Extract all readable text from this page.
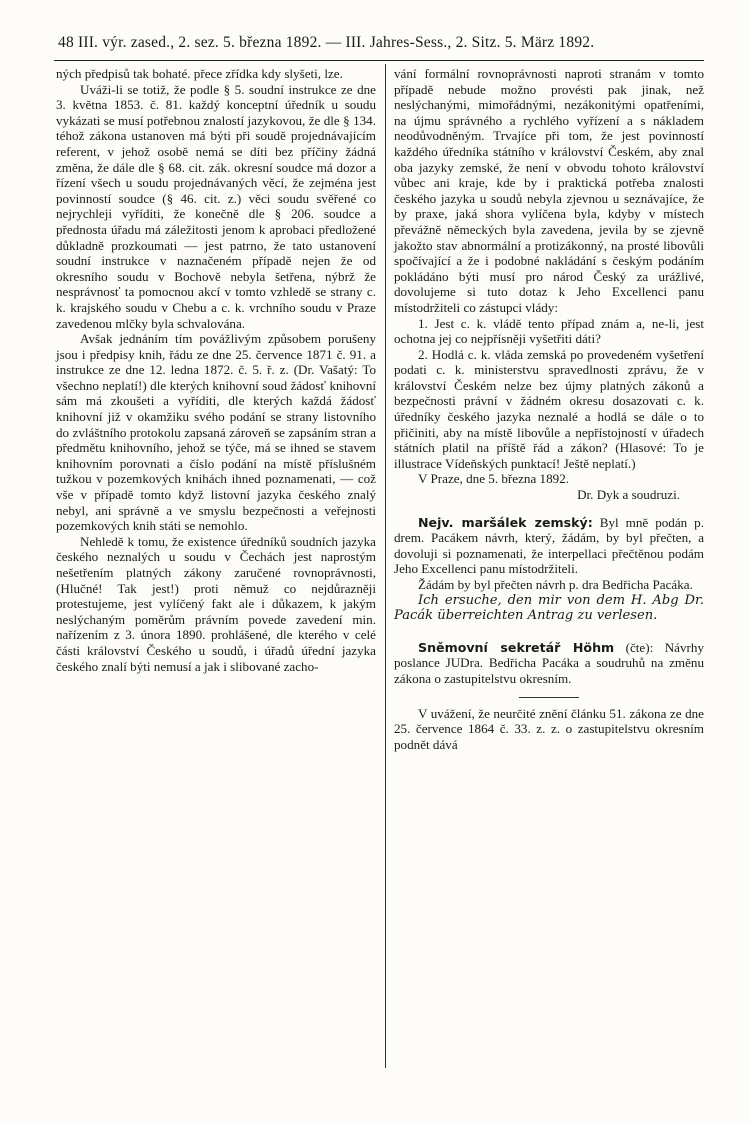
48 III. výr. zased., 2. sez. 5. března 1892. — III. Jahres-Sess., 2. Sitz. 5. März 1892.

ných předpisů tak bohaté. přece zřídka kdy slyšeti, lze.

Uváži-li se totiž, že podle § 5. soudní instrukce ze dne 3. května 1853. č. 81. každý konceptní úředník u soudu vykázati se musí potřebnou znalostí jazykovou, že dle § 134. téhož zákona ustanoven má býti při soudě projednávajícím referent, v jehož osobě nemá se díti bez příčiny žádná změna, že dále dle § 68. cit. zák. okresní soudce má dozor a řízení všech u soudu projednávaných věcí, že zejména jest povinností soudce (§ 46. cit. z.) věci soudu svěřené co nejrychleji vyříditi, že konečně dle § 206. soudce a přednosta úřadu má záležitosti jenom k aprobaci předložené důkladně prozkoumati — jest patrno, že tato ustanovení soudní instrukce v naznačeném případě nejen že od okresního soudu v Bochově nebyla šetřena, nýbrž že nesprávnosť ta pomocnou akcí v tomto vzhledě se strany c. k. krajského soudu v Chebu a c. k. vrchního soudu v Praze zavedenou mlčky byla schvalována.

Avšak jednáním tím povážlivým způsobem porušeny jsou i předpisy knih, řádu ze dne 25. července 1871 č. 91. a instrukce ze dne 12. ledna 1872. č. 5. ř. z. (Dr. Vašatý: To všechno neplatí!) dle kterých knihovní soud žádosť knihovní sám má zkoušeti a vyříditi, dle kterých každá žádosť knihovní již v okamžiku svého podání se strany listovního do zvláštního protokolu zapsaná zároveň se zapsáním stran a předmětu knihovního, jehož se týče, má se ihned se stavem knihovním porovnati a číslo podání na místě příslušném tužkou v pozemkových knihách ihned poznamenati, — což vše v případě tomto když listovní jazyka českého znalý nebyl, ani správně a ve smyslu bezpečnosti a veřejnosti pozemkových knih státi se nemohlo.

Nehledě k tomu, že existence úředníků soudních jazyka českého neznalých u soudu v Čechách jest naprostým nešetřením platných zákony zaručené rovnoprávnosti, (Hlučné! Tak jest!) proti němuž co nejdůrazněji protestujeme, jest vylíčený fakt ale i důkazem, k jakým neslýchaným poměrům právním povede zavedení min. nařízením z 3. února 1890. prohlášené, dle kterého v celé části království Českého u soudů, i úřadů úřední jazyka českého znalí býti nemusí a jak i slibované zacho-

vání formální rovnoprávnosti naproti stranám v tomto případě nebude možno provésti pak jinak, než neslýchanými, mimořádnými, nezákonitými opatřeními, na újmu správného a rychlého vyřízení a s nákladem neodůvodněným. Trvajíce při tom, že jest povinností každého úředníka státního v království Českém, aby znal oba jazyky zemské, že není v obvodu tohoto království vůbec ani kraje, kde by i praktická potřeba znalosti českého jazyka u soudů nebyla zjevnou u seznávajíce, že by praxe, jaká shora vylíčena byla, kdyby v místech převážně německých byla zavedena, jevila by se zjevně jakožto stav abnormální a protizákonný, na prosté libovůli spočívající a že i podobné nakládání s českým podáním pokládáno býti musí pro národ Český za urážlivé, dovolujeme si tuto dotaz k Jeho Excellenci panu místodržiteli co zástupci vlády:

1. Jest c. k. vládě tento případ znám a, ne-li, jest ochotna jej co nejpřísněji vyšetřiti dáti?

2. Hodlá c. k. vláda zemská po provedeném vyšetření podati c. k. ministerstvu spravedlnosti zprávu, že v království Českém nelze bez újmy platných zákonů a bezpečnosti právní v žádném okresu dosazovati c. k. úředníky českého jazyka neznalé a hodlá se dále o to přičiniti, aby na místě libovůle a nepřístojností v úřadech státních platil na příště řád a zákon? (Hlasové: To je illustrace Vídeňských punktací! Ještě neplatí.)

V Praze, dne 5. března 1892.

Dr. Dyk a soudruzi.

Nejv. maršálek zemský: Byl mně podán p. drem. Pacákem návrh, který, žádám, by byl přečten, a dovoluji si poznamenati, že interpellaci přečtěnou podám Jeho Excellenci panu místodržiteli.

Žádám by byl přečten návrh p. dra Bedřicha Pacáka.

Ich ersuche, den mir von dem H. Abg Dr. Pacák überreichten Antrag zu verlesen.

Sněmovní sekretář Höhm (čte): Návrhy poslance JUDra. Bedřicha Pacáka a soudruhů na změnu zákona o zastupitelstvu okresním.

V uvážení, že neurčité znění článku 51. zákona ze dne 25. července 1864 č. 33. z. z. o zastupitelstvu okresním podnět dává
